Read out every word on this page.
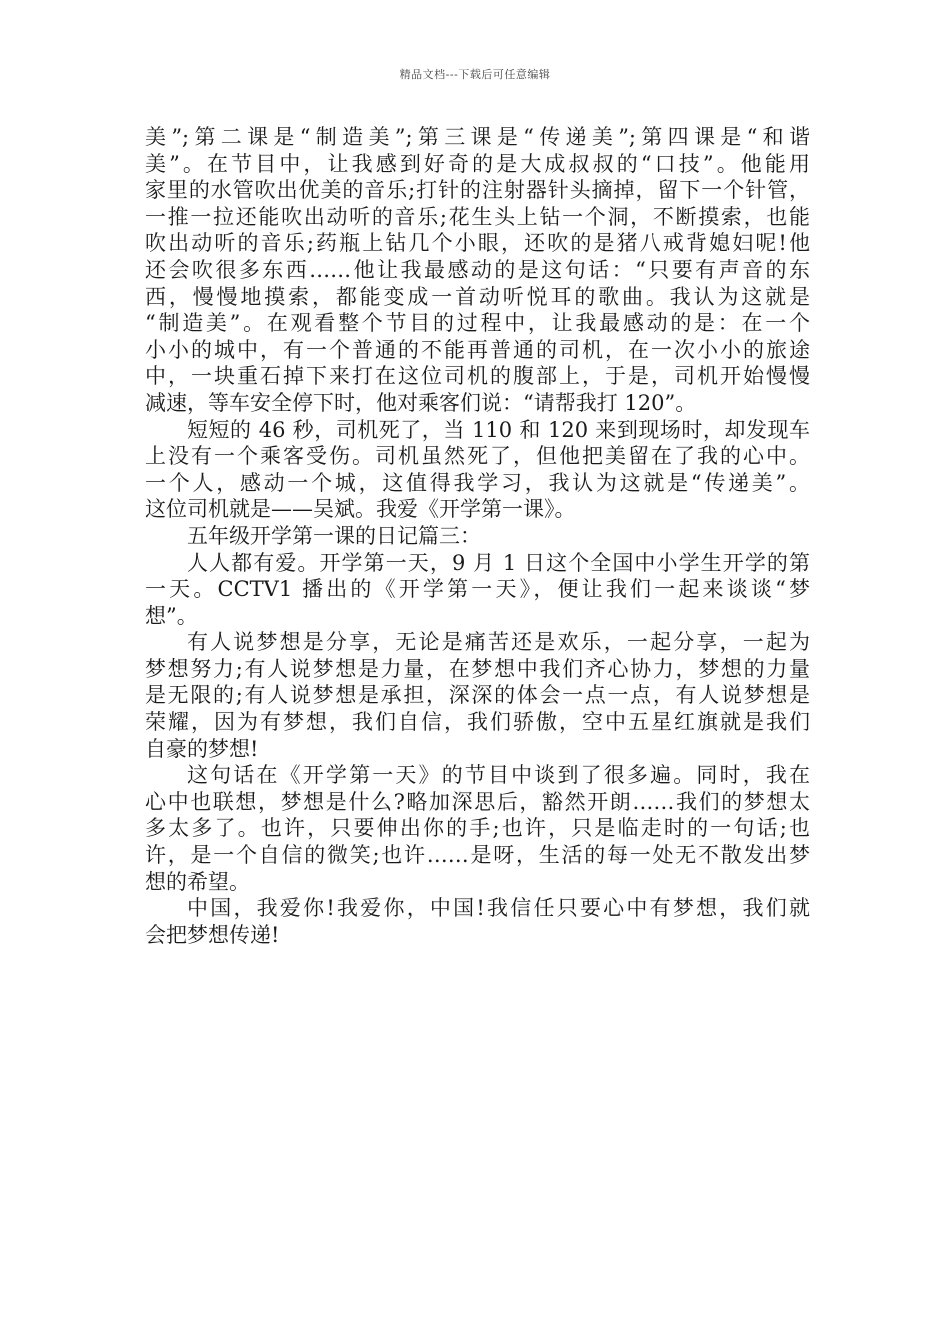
精品文档---下载后可任意编辑
美”;第二课是“制造美”;第三课是“传递美”;第四课是“和谐
美”。在节目中，让我感到好奇的是大成叔叔的“口技”。他能用
家里的水管吹出优美的音乐;打针的注射器针头摘掉，留下一个针管，
一推一拉还能吹出动听的音乐;花生头上钻一个洞，不断摸索，也能
吹出动听的音乐;药瓶上钻几个小眼，还吹的是猪八戒背媳妇呢!他
还会吹很多东西……他让我最感动的是这句话：“只要有声音的东
西，慢慢地摸索，都能变成一首动听悦耳的歌曲。我认为这就是
“制造美”。在观看整个节目的过程中，让我最感动的是：在一个
小小的城中，有一个普通的不能再普通的司机，在一次小小的旅途
中，一块重石掉下来打在这位司机的腹部上，于是，司机开始慢慢
减速，等车安全停下时，他对乘客们说：“请帮我打 120”。
短短的 46 秒，司机死了，当 110 和 120 来到现场时，却发现车
上没有一个乘客受伤。司机虽然死了，但他把美留在了我的心中。
一个人，感动一个城，这值得我学习，我认为这就是“传递美”。
这位司机就是——吴斌。我爱《开学第一课》。
五年级开学第一课的日记篇三：
人人都有爱。开学第一天，9 月 1 日这个全国中小学生开学的第
一天。CCTV1 播出的《开学第一天》，便让我们一起来谈谈“梦
想”。
有人说梦想是分享，无论是痛苦还是欢乐，一起分享，一起为
梦想努力;有人说梦想是力量，在梦想中我们齐心协力，梦想的力量
是无限的;有人说梦想是承担，深深的体会一点一点，有人说梦想是
荣耀，因为有梦想，我们自信，我们骄傲，空中五星红旗就是我们
自豪的梦想!
这句话在《开学第一天》的节目中谈到了很多遍。同时，我在
心中也联想，梦想是什么?略加深思后，豁然开朗……我们的梦想太
多太多了。也许，只要伸出你的手;也许，只是临走时的一句话;也
许，是一个自信的微笑;也许……是呀，生活的每一处无不散发出梦
想的希望。
中国，我爱你!我爱你，中国!我信任只要心中有梦想，我们就
会把梦想传递!
